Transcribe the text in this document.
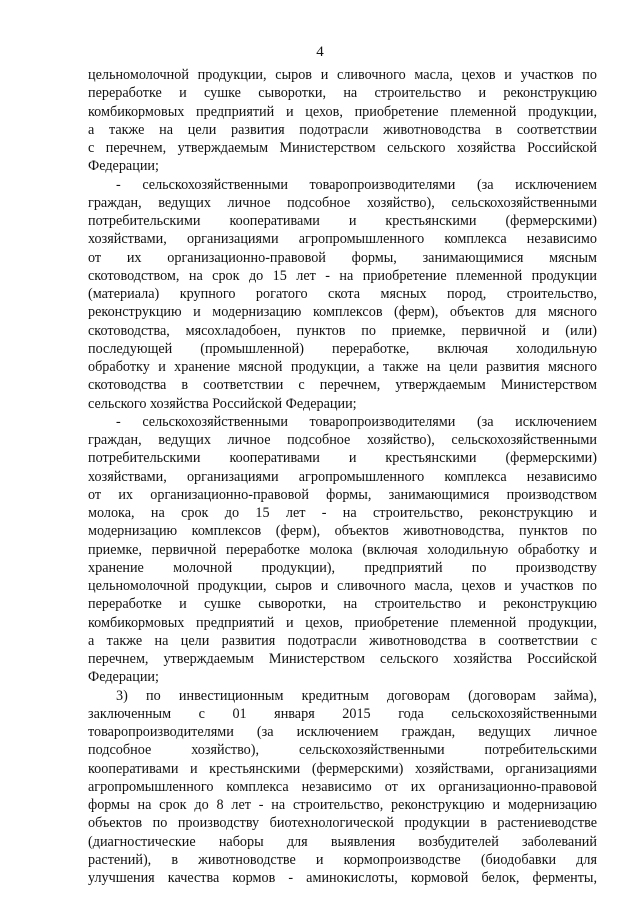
4
цельномолочной продукции, сыров и сливочного масла, цехов и участков по
переработке и сушке сыворотки, на строительство и реконструкцию
комбикормовых предприятий и цехов, приобретение племенной продукции,
а также на цели развития подотрасли животноводства в соответствии
с перечнем, утверждаемым Министерством сельского хозяйства Российской
Федерации;
- сельскохозяйственными товаропроизводителями (за исключением
граждан, ведущих личное подсобное хозяйство), сельскохозяйственными
потребительскими кооперативами и крестьянскими (фермерскими)
хозяйствами, организациями агропромышленного комплекса независимо
от их организационно-правовой формы, занимающимися мясным
скотоводством, на срок до 15 лет - на приобретение племенной продукции
(материала) крупного рогатого скота мясных пород, строительство,
реконструкцию и модернизацию комплексов (ферм), объектов для мясного
скотоводства, мясохладобоен, пунктов по приемке, первичной и (или)
последующей (промышленной) переработке, включая холодильную
обработку и хранение мясной продукции, а также на цели развития мясного
скотоводства в соответствии с перечнем, утверждаемым Министерством
сельского хозяйства Российской Федерации;
- сельскохозяйственными товаропроизводителями (за исключением
граждан, ведущих личное подсобное хозяйство), сельскохозяйственными
потребительскими кооперативами и крестьянскими (фермерскими)
хозяйствами, организациями агропромышленного комплекса независимо
от их организационно-правовой формы, занимающимися производством
молока, на срок до 15 лет - на строительство, реконструкцию и
модернизацию комплексов (ферм), объектов животноводства, пунктов по
приемке, первичной переработке молока (включая холодильную обработку и
хранение молочной продукции), предприятий по производству
цельномолочной продукции, сыров и сливочного масла, цехов и участков по
переработке и сушке сыворотки, на строительство и реконструкцию
комбикормовых предприятий и цехов, приобретение племенной продукции,
а также на цели развития подотрасли животноводства в соответствии с
перечнем, утверждаемым Министерством сельского хозяйства Российской
Федерации;
3) по инвестиционным кредитным договорам (договорам займа),
заключенным с 01 января 2015 года сельскохозяйственными
товаропроизводителями (за исключением граждан, ведущих личное
подсобное хозяйство), сельскохозяйственными потребительскими
кооперативами и крестьянскими (фермерскими) хозяйствами, организациями
агропромышленного комплекса независимо от их организационно-правовой
формы на срок до 8 лет - на строительство, реконструкцию и модернизацию
объектов по производству биотехнологической продукции в растениеводстве
(диагностические наборы для выявления возбудителей заболеваний
растений), в животноводстве и кормопроизводстве (биодобавки для
улучшения качества кормов - аминокислоты, кормовой белок, ферменты,
